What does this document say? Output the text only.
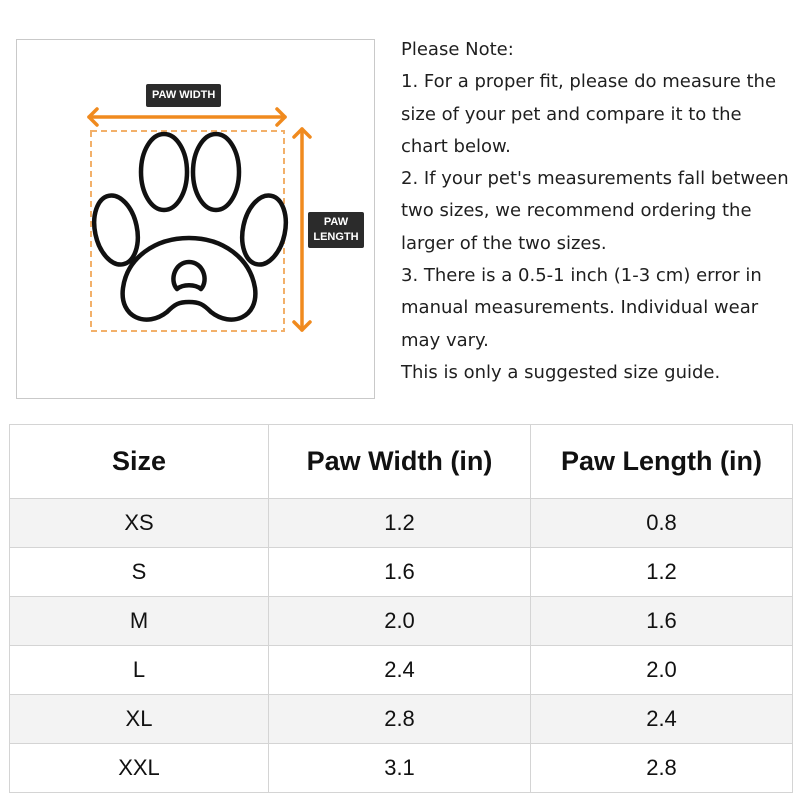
PAW WIDTH
PAW
LENGTH

Please Note:

1. For a proper fit, please do measure the size of your pet and compare it to the chart below.

2. If your pet's measurements fall between two sizes, we recommend ordering the larger of the two sizes.

3. There is a 0.5-1 inch (1-3 cm) error in manual measurements. Individual wear may vary.

This is only a suggested size guide.

Size	Paw Width (in)	Paw Length (in)
XS	1.2	0.8
S	1.6	1.2
M	2.0	1.6
L	2.4	2.0
XL	2.8	2.4
XXL	3.1	2.8
